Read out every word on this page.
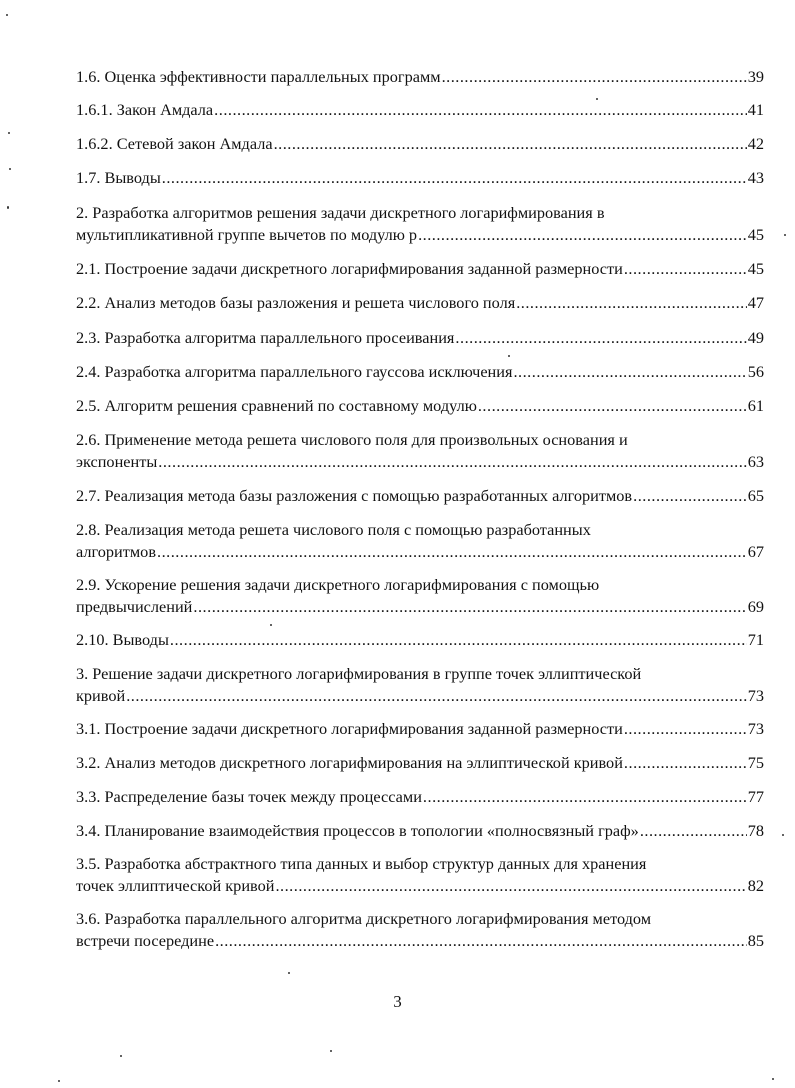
1.6. Оценка эффективности параллельных программ .....	39
1.6.1. Закон Амдала .....	41
1.6.2. Сетевой закон Амдала .....	42
1.7. Выводы .....	43
2. Разработка алгоритмов решения задачи дискретного логарифмирования в
мультипликативной группе вычетов по модулю p .....	45
2.1. Построение задачи дискретного логарифмирования заданной размерности .....	45
2.2. Анализ методов базы разложения и решета числового поля .....	47
2.3. Разработка алгоритма параллельного просеивания .....	49
2.4. Разработка алгоритма параллельного гауссова исключения .....	56
2.5. Алгоритм решения сравнений по составному модулю .....	61
2.6. Применение метода решета числового поля для произвольных основания и
экспоненты .....	63
2.7. Реализация метода базы разложения с помощью разработанных алгоритмов .....	65
2.8. Реализация метода решета числового поля с помощью разработанных
алгоритмов .....	67
2.9. Ускорение решения задачи дискретного логарифмирования с помощью
предвычислений .....	69
2.10. Выводы .....	71
3. Решение задачи дискретного логарифмирования в группе точек эллиптической
кривой .....	73
3.1. Построение задачи дискретного логарифмирования заданной размерности .....	73
3.2. Анализ методов дискретного логарифмирования на эллиптической кривой .....	75
3.3. Распределение базы точек между процессами .....	77
3.4. Планирование взаимодействия процессов в топологии «полносвязный граф» .....	78
3.5. Разработка абстрактного типа данных и выбор структур данных для хранения
точек эллиптической кривой .....	82
3.6. Разработка параллельного алгоритма дискретного логарифмирования методом
встречи посередине .....	85
3
